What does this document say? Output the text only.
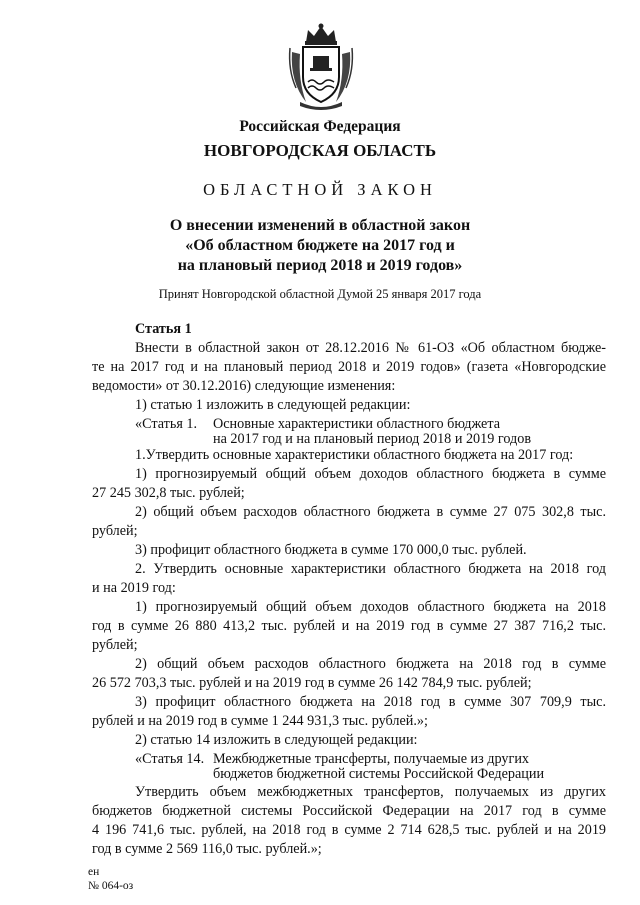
Российская Федерация
НОВГОРОДСКАЯ ОБЛАСТЬ
ОБЛАСТНОЙ ЗАКОН
О внесении изменений в областной закон
«Об областном бюджете на 2017 год и
на плановый период 2018 и 2019 годов»
Принят Новгородской областной Думой 25 января 2017 года
Статья 1
Внести в областной закон от 28.12.2016 № 61-ОЗ «Об областном бюдже-
те на 2017 год и на плановый период 2018 и 2019 годов» (газета «Новгородские
ведомости» от 30.12.2016) следующие изменения:
1) статью 1 изложить в следующей редакции:
«Статья 1. Основные характеристики областного бюджета
на 2017 год и на плановый период 2018 и 2019 годов
1.Утвердить основные характеристики областного бюджета на 2017 год:
1) прогнозируемый общий объем доходов областного бюджета в сумме
27 245 302,8 тыс. рублей;
2) общий объем расходов областного бюджета в сумме 27 075 302,8 тыс.
рублей;
3) профицит областного бюджета в сумме 170 000,0 тыс. рублей.
2. Утвердить основные характеристики областного бюджета на 2018 год
и на 2019 год:
1) прогнозируемый общий объем доходов областного бюджета на 2018
год в сумме 26 880 413,2 тыс. рублей и на 2019 год в сумме 27 387 716,2 тыс.
рублей;
2) общий объем расходов областного бюджета на 2018 год в сумме
26 572 703,3 тыс. рублей и на 2019 год в сумме 26 142 784,9 тыс. рублей;
3) профицит областного бюджета на 2018 год в сумме 307 709,9 тыс.
рублей и на 2019 год в сумме 1 244 931,3 тыс. рублей.»;
2) статью 14 изложить в следующей редакции:
«Статья 14. Межбюджетные трансферты, получаемые из других
бюджетов бюджетной системы Российской Федерации
Утвердить объем межбюджетных трансфертов, получаемых из других
бюджетов бюджетной системы Российской Федерации на 2017 год в сумме
4 196 741,6 тыс. рублей, на 2018 год в сумме 2 714 628,5 тыс. рублей и на 2019
год в сумме 2 569 116,0 тыс. рублей.»;
ен
№ 064-оз
